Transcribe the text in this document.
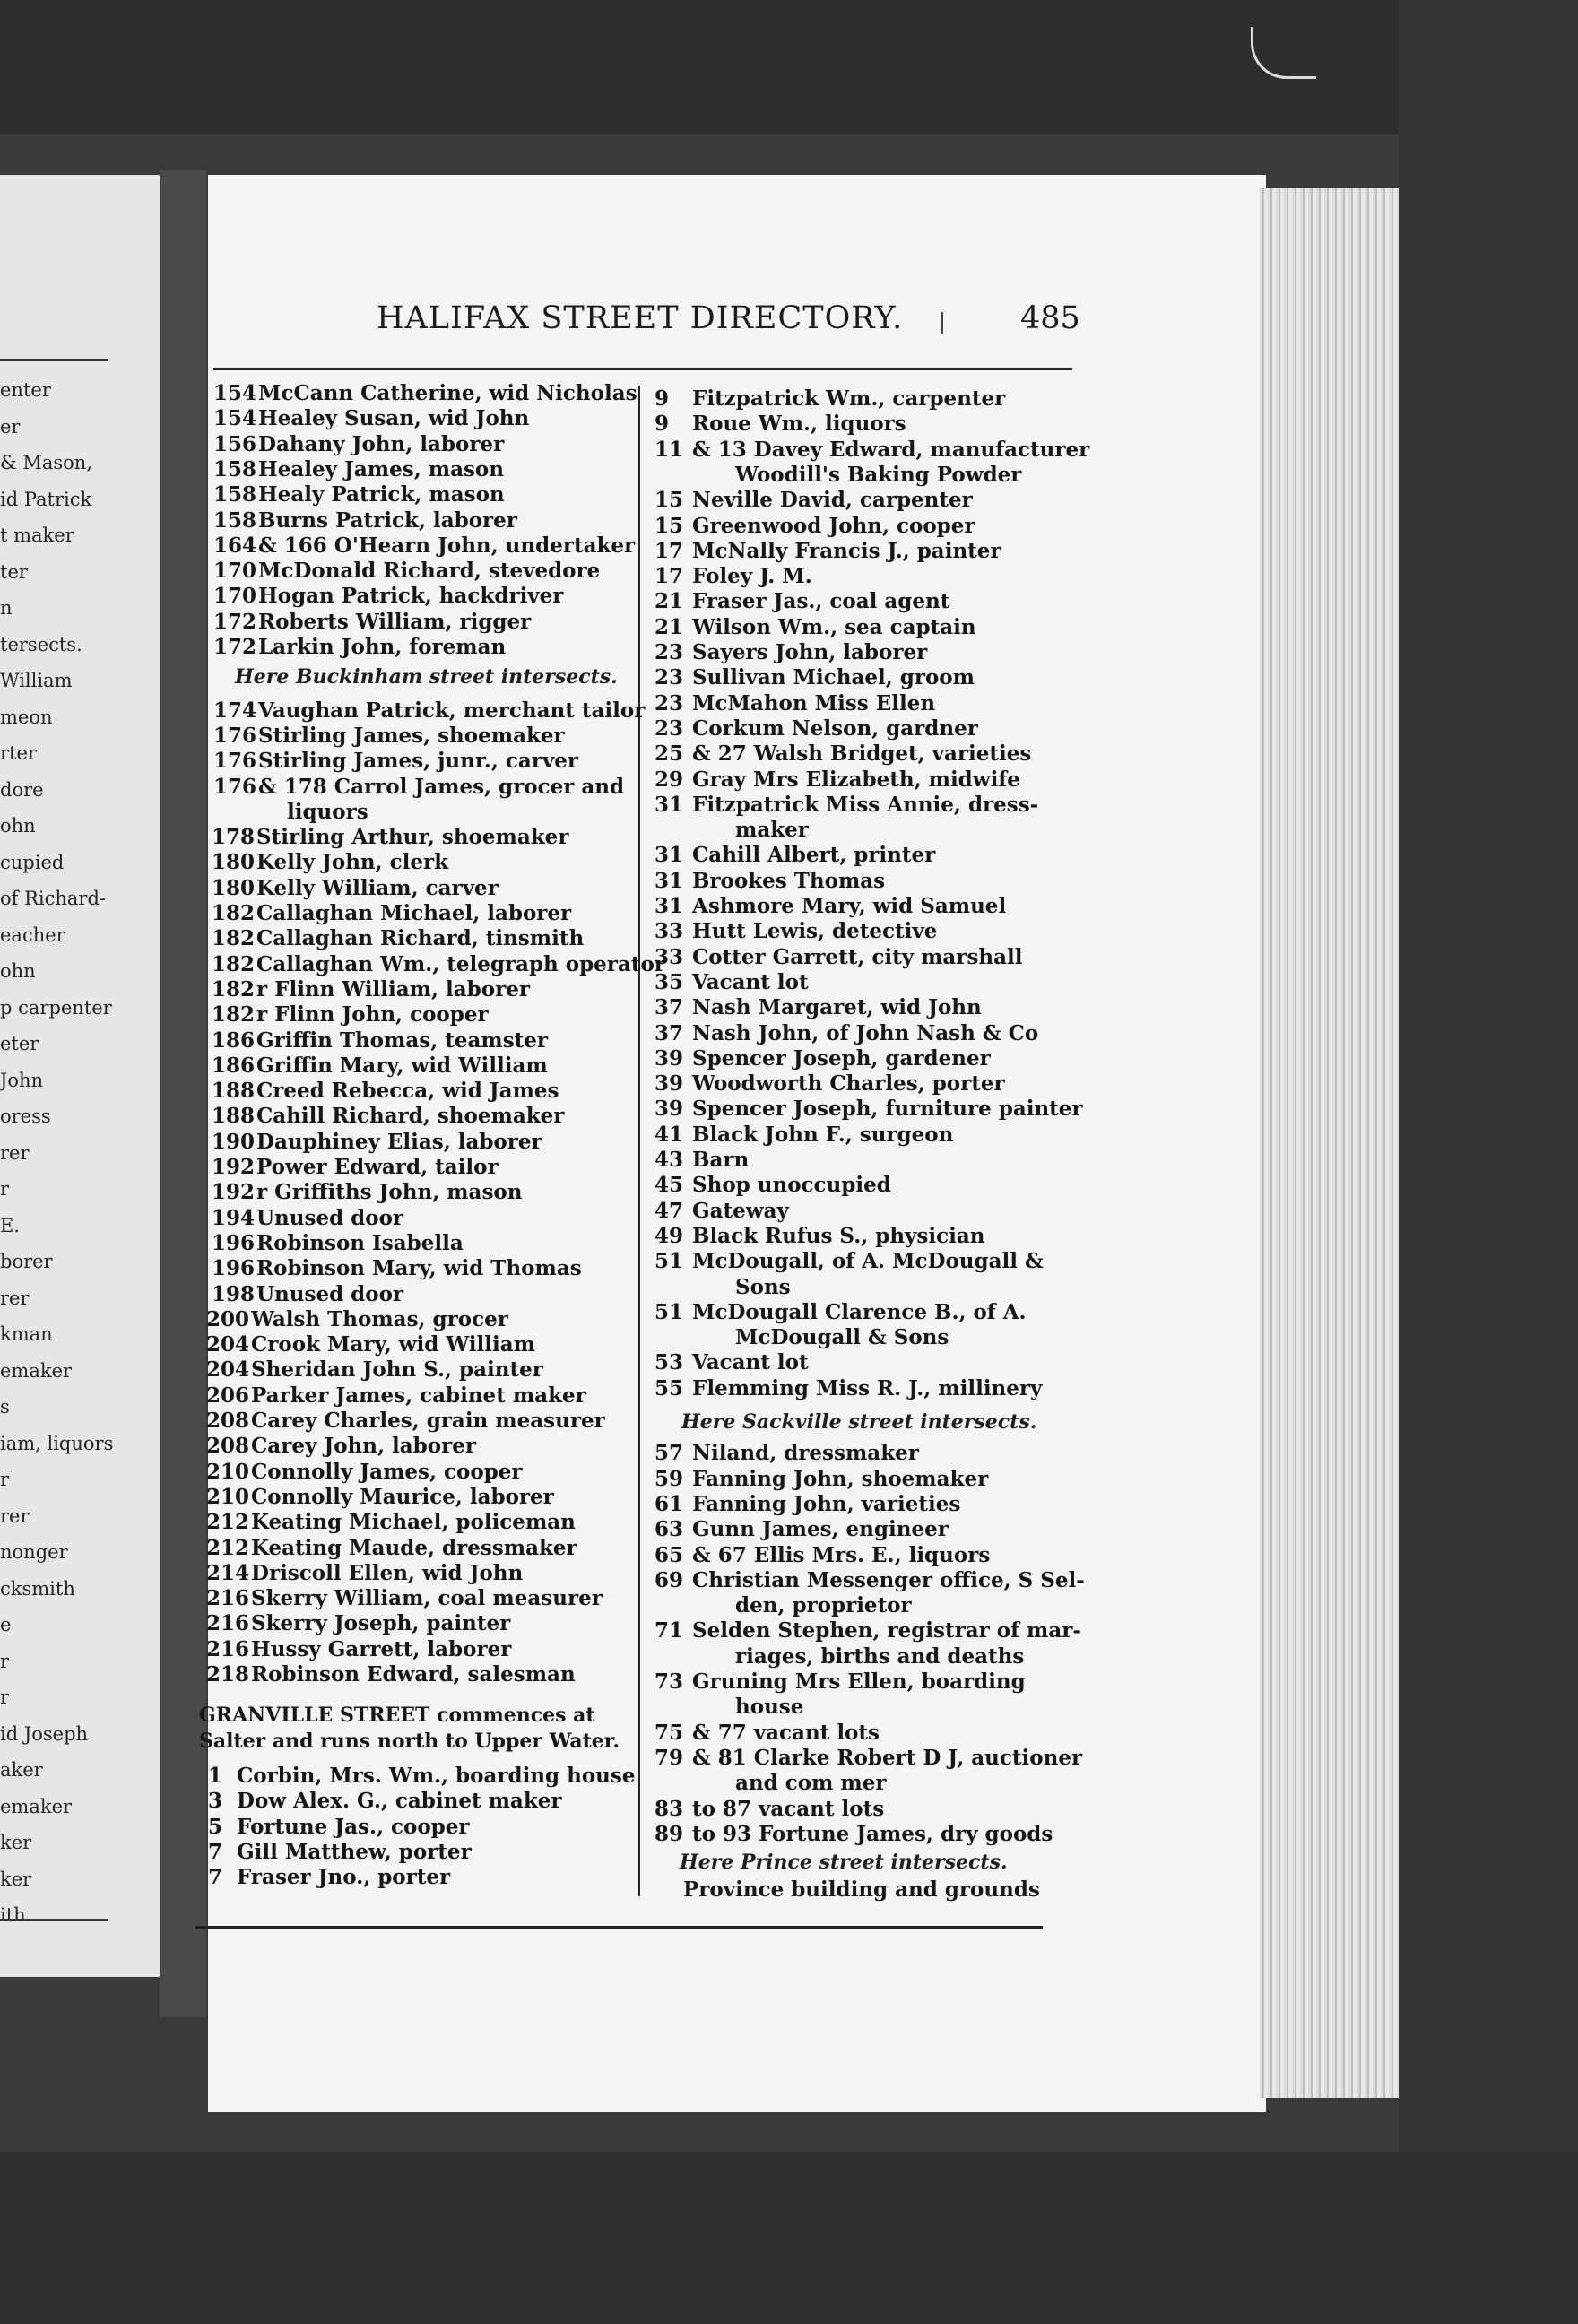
enter
er
& Mason,
id Patrick
t maker
ter
n
tersects.
William
meon
rter
dore
ohn
cupied
of Richard-
eacher
ohn
p carpenter
eter
John
oress
rer
r
E.
borer
rer
kman
emaker
s
iam, liquors
r
rer
nonger
cksmith
e
r
r
id Joseph
aker
emaker
ker
ker
ith
HALIFAX STREET DIRECTORY.	485
154McCann Catherine, wid Nicholas
154Healey Susan, wid John
156Dahany John, laborer
158Healey James, mason
158Healy Patrick, mason
158Burns Patrick, laborer
164& 166 O'Hearn John, undertaker
170McDonald Richard, stevedore
170Hogan Patrick, hackdriver
172Roberts William, rigger
172Larkin John, foreman
Here Buckinham street intersects.
174Vaughan Patrick, merchant tailor
176Stirling James, shoemaker
176Stirling James, junr., carver
176& 178 Carrol James, grocer and
liquors
178Stirling Arthur, shoemaker
180Kelly John, clerk
180Kelly William, carver
182Callaghan Michael, laborer
182Callaghan Richard, tinsmith
182Callaghan Wm., telegraph operator
182r Flinn William, laborer
182r Flinn John, cooper
186Griffin Thomas, teamster
186Griffin Mary, wid William
188Creed Rebecca, wid James
188Cahill Richard, shoemaker
190Dauphiney Elias, laborer
192Power Edward, tailor
192r Griffiths John, mason
194Unused door
196Robinson Isabella
196Robinson Mary, wid Thomas
198Unused door
200Walsh Thomas, grocer
204Crook Mary, wid William
204Sheridan John S., painter
206Parker James, cabinet maker
208Carey Charles, grain measurer
208Carey John, laborer
210Connolly James, cooper
210Connolly Maurice, laborer
212Keating Michael, policeman
212Keating Maude, dressmaker
214Driscoll Ellen, wid John
216Skerry William, coal measurer
216Skerry Joseph, painter
216Hussy Garrett, laborer
218Robinson Edward, salesman
GRANVILLE STREET commences at
Salter and runs north to Upper Water.
1 Corbin, Mrs. Wm., boarding house
3 Dow Alex. G., cabinet maker
5 Fortune Jas., cooper
7 Gill Matthew, porter
7 Fraser Jno., porter
9 Fitzpatrick Wm., carpenter
9 Roue Wm., liquors
11 & 13 Davey Edward, manufacturer
Woodill's Baking Powder
15 Neville David, carpenter
15 Greenwood John, cooper
17 McNally Francis J., painter
17 Foley J. M.
21 Fraser Jas., coal agent
21 Wilson Wm., sea captain
23 Sayers John, laborer
23 Sullivan Michael, groom
23 McMahon Miss Ellen
23 Corkum Nelson, gardner
25 & 27 Walsh Bridget, varieties
29 Gray Mrs Elizabeth, midwife
31 Fitzpatrick Miss Annie, dress-
maker
31 Cahill Albert, printer
31 Brookes Thomas
31 Ashmore Mary, wid Samuel
33 Hutt Lewis, detective
33 Cotter Garrett, city marshall
35 Vacant lot
37 Nash Margaret, wid John
37 Nash John, of John Nash & Co
39 Spencer Joseph, gardener
39 Woodworth Charles, porter
39 Spencer Joseph, furniture painter
41 Black John F., surgeon
43 Barn
45 Shop unoccupied
47 Gateway
49 Black Rufus S., physician
51 McDougall, of A. McDougall &
Sons
51 McDougall Clarence B., of A.
McDougall & Sons
53 Vacant lot
55 Flemming Miss R. J., millinery
Here Sackville street intersects.
57 Niland, dressmaker
59 Fanning John, shoemaker
61 Fanning John, varieties
63 Gunn James, engineer
65 & 67 Ellis Mrs. E., liquors
69 Christian Messenger office, S Sel-
den, proprietor
71 Selden Stephen, registrar of mar-
riages, births and deaths
73 Gruning Mrs Ellen, boarding
house
75 & 77 vacant lots
79 & 81 Clarke Robert D J, auctioner
and com mer
83 to 87 vacant lots
89 to 93 Fortune James, dry goods
Here Prince street intersects.
Province building and grounds
